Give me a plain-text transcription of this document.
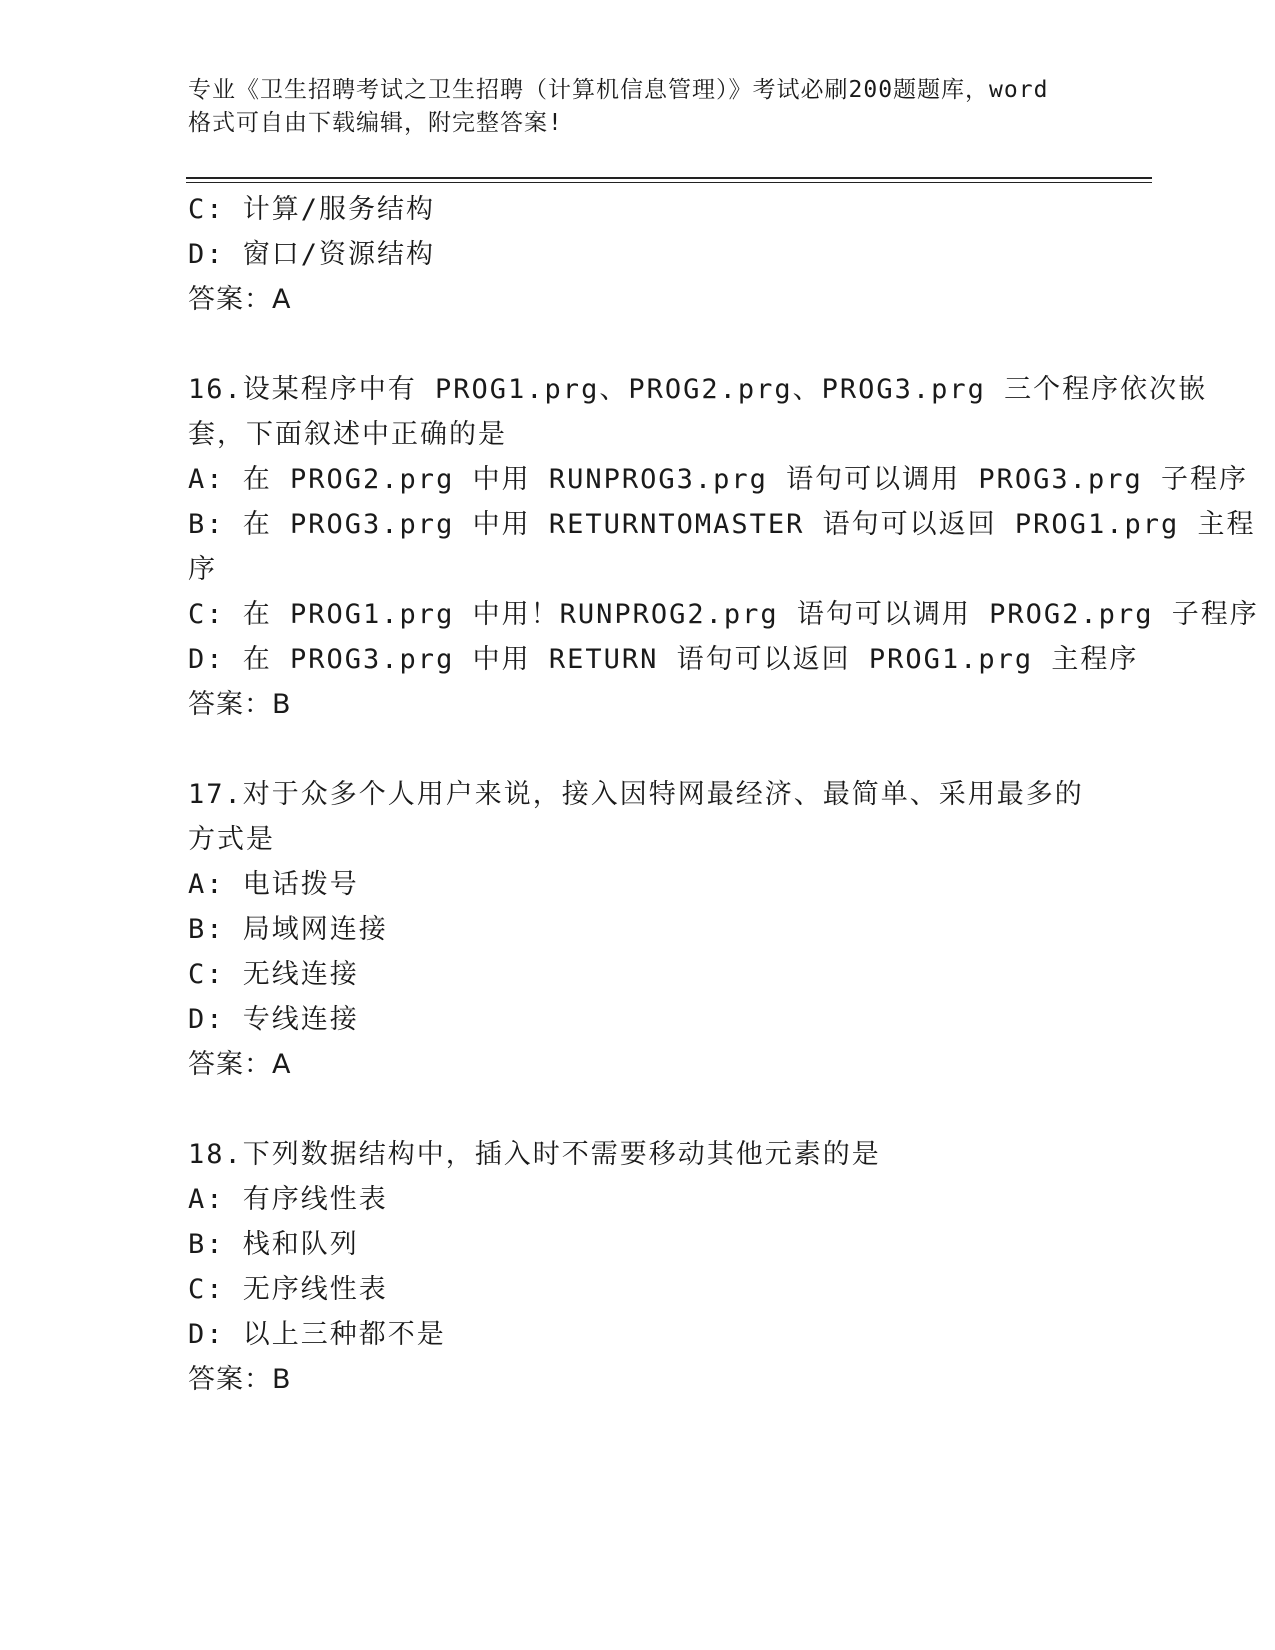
专业《卫生招聘考试之卫生招聘（计算机信息管理）》考试必刷200题题库，word
格式可自由下载编辑，附完整答案!
C: 计算/服务结构
D: 窗口/资源结构
答案：A
16.设某程序中有 PROG1.prg、PROG2.prg、PROG3.prg 三个程序依次嵌
套，下面叙述中正确的是
A: 在 PROG2.prg 中用 RUNPROG3.prg 语句可以调用 PROG3.prg 子程序
B: 在 PROG3.prg 中用 RETURNTOMASTER 语句可以返回 PROG1.prg 主程
序
C: 在 PROG1.prg 中用！RUNPROG2.prg 语句可以调用 PROG2.prg 子程序
D: 在 PROG3.prg 中用 RETURN 语句可以返回 PROG1.prg 主程序
答案：B
17.对于众多个人用户来说，接入因特网最经济、最简单、采用最多的
方式是
A: 电话拨号
B: 局域网连接
C: 无线连接
D: 专线连接
答案：A
18.下列数据结构中，插入时不需要移动其他元素的是
A: 有序线性表
B: 栈和队列
C: 无序线性表
D: 以上三种都不是
答案：B
